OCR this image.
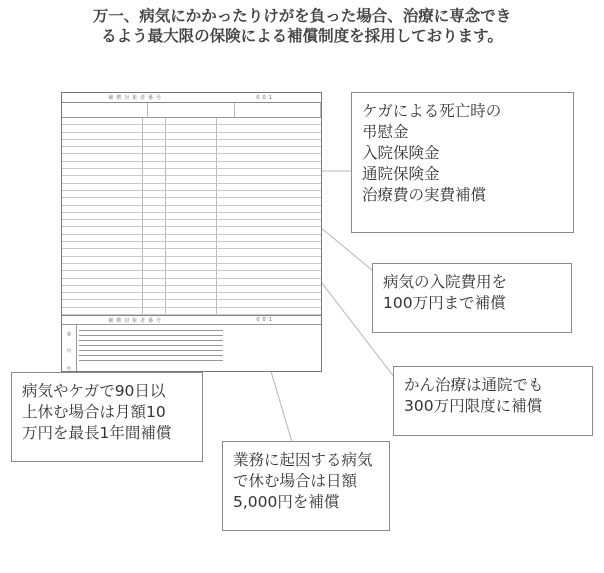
万一、病気にかかったりけがを負った場合、治療に専念でき
るよう最大限の保険による補償制度を採用しております。
補償対象者番号	001
補償対象者番号	001
適
用
特
ケガによる死亡時の
弔慰金
入院保険金
通院保険金
治療費の実費補償
病気の入院費用を
100万円まで補償
かん治療は通院でも
300万円限度に補償
病気やケガで90日以
上休む場合は月額10
万円を最長1年間補償
業務に起因する病気
で休む場合は日額
5,000円を補償
